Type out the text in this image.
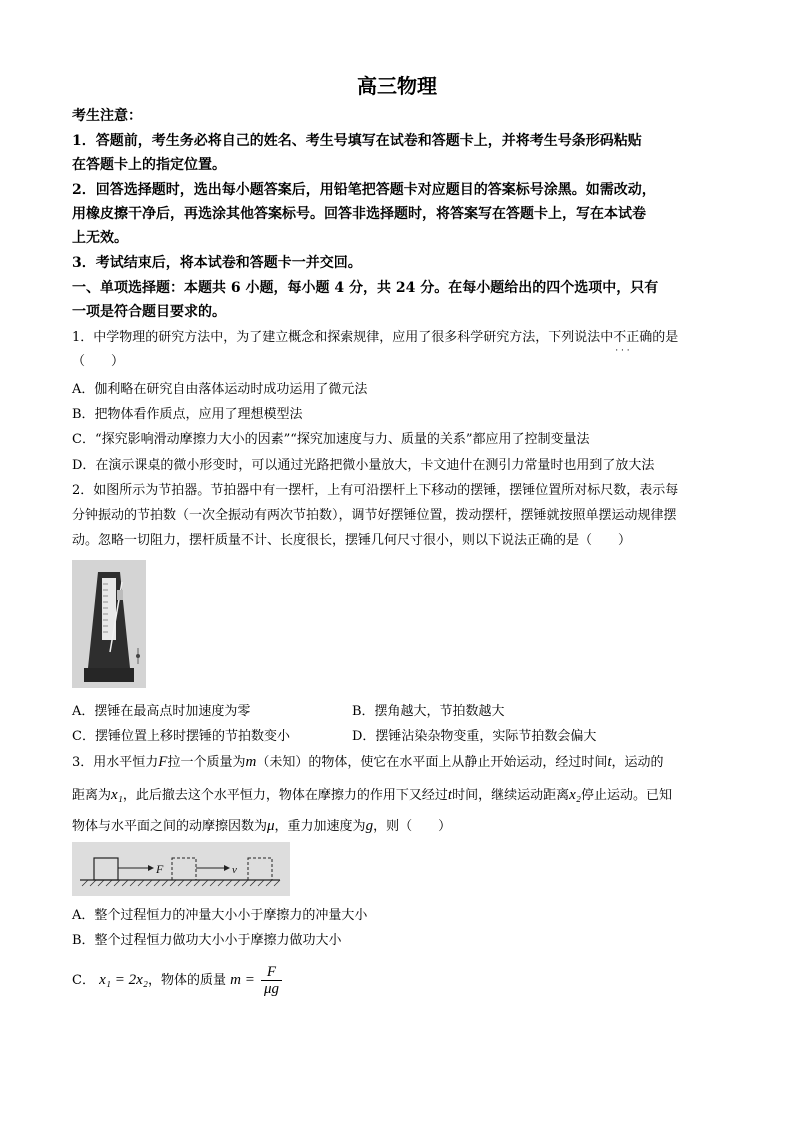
高三物理
考生注意：
1．答题前，考生务必将自己的姓名、考生号填写在试卷和答题卡上，并将考生号条形码粘贴
在答题卡上的指定位置。
2．回答选择题时，选出每小题答案后，用铅笔把答题卡对应题目的答案标号涂黑。如需改动，
用橡皮擦干净后，再选涂其他答案标号。回答非选择题时，将答案写在答题卡上，写在本试卷
上无效。
3．考试结束后，将本试卷和答题卡一并交回。
一、单项选择题：本题共 6 小题，每小题 4 分，共 24 分。在每小题给出的四个选项中，只有
一项是符合题目要求的。
1．中学物理的研究方法中，为了建立概念和探索规律，应用了很多科学研究方法，下列说法中不正确 · · ·的是
（　　）
A．伽利略在研究自由落体运动时成功运用了微元法
B．把物体看作质点，应用了理想模型法
C．“探究影响滑动摩擦力大小的因素”“探究加速度与力、质量的关系”都应用了控制变量法
D．在演示课桌的微小形变时，可以通过光路把微小量放大，卡文迪什在测引力常量时也用到了放大法
2．如图所示为节拍器。节拍器中有一摆杆，上有可沿摆杆上下移动的摆锤，摆锤位置所对标尺数，表示每
分钟振动的节拍数（一次全振动有两次节拍数），调节好摆锤位置，拨动摆杆，摆锤就按照单摆运动规律摆
动。忽略一切阻力，摆杆质量不计、长度很长，摆锤几何尺寸很小，则以下说法正确的是（　　）
A．摆锤在最高点时加速度为零	B．摆角越大，节拍数越大
C．摆锤位置上移时摆锤的节拍数变小	D．摆锤沾染杂物变重，实际节拍数会偏大
3．用水平恒力F拉一个质量为m（未知）的物体，使它在水平面上从静止开始运动，经过时间t，运动的
距离为x₁，此后撤去这个水平恒力，物体在摩擦力的作用下又经过t时间，继续运动距离x₂停止运动。已知
物体与水平面之间的动摩擦因数为μ，重力加速度为g，则（　　）
F	v
A．整个过程恒力的冲量大小小于摩擦力的冲量大小
B．整个过程恒力做功大小小于摩擦力做功大小
C． x₁ = 2x₂，物体的质量 $m = \frac{F}{\mu g}$
